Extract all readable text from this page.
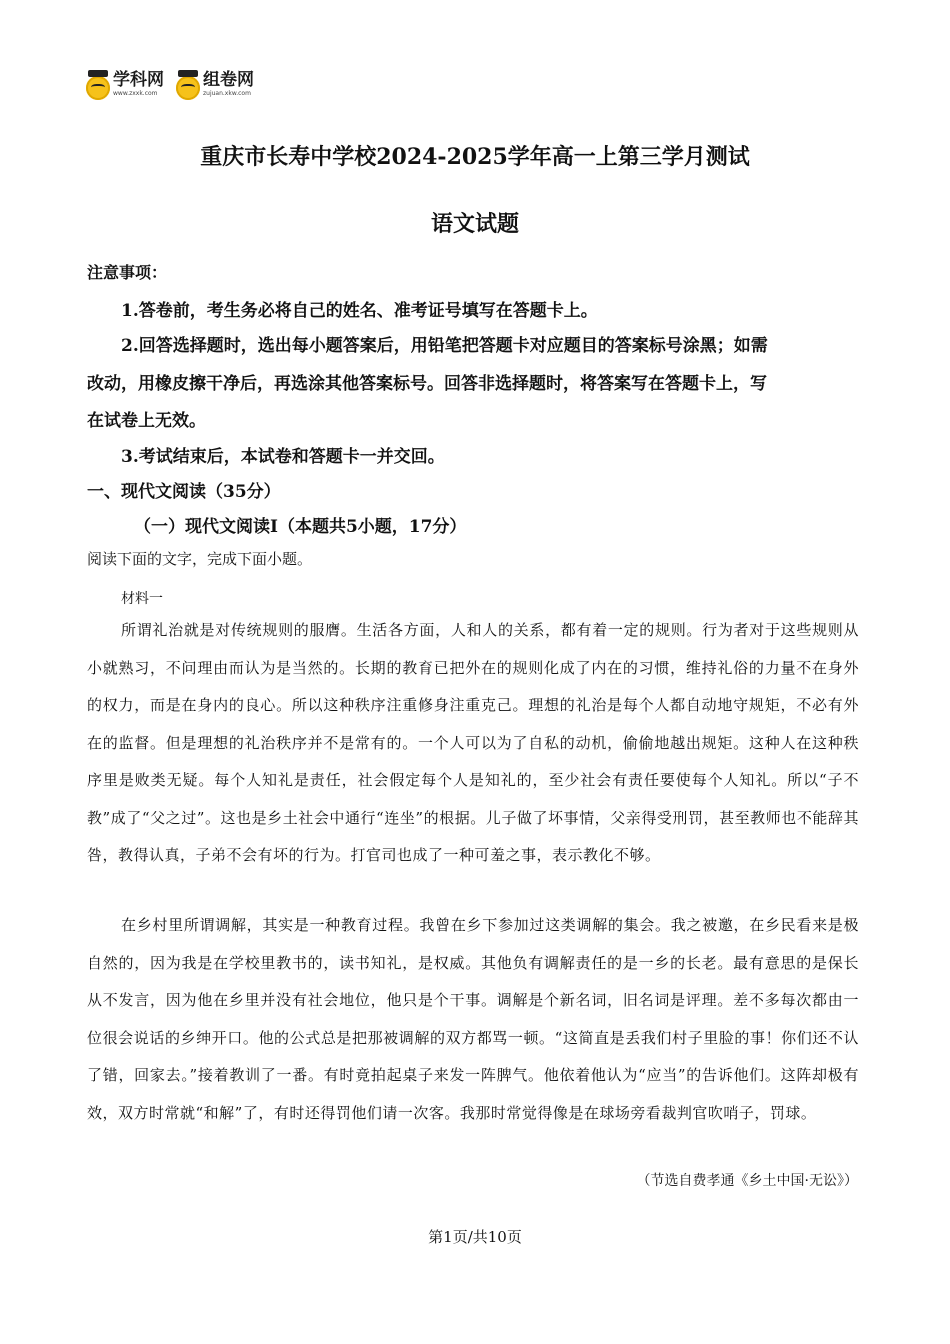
学科网
www.zxxk.com
组卷网
zujuan.xkw.com
重庆市长寿中学校2024-2025学年高一上第三学月测试
语文试题
注意事项：
1.答卷前，考生务必将自己的姓名、准考证号填写在答题卡上。
2.回答选择题时，选出每小题答案后，用铅笔把答题卡对应题目的答案标号涂黑；如需
改动，用橡皮擦干净后，再选涂其他答案标号。回答非选择题时，将答案写在答题卡上，写
在试卷上无效。
3.考试结束后，本试卷和答题卡一并交回。
一、现代文阅读（35分）
（一）现代文阅读I（本题共5小题，17分）
阅读下面的文字，完成下面小题。
材料一
所谓礼治就是对传统规则的服膺。生活各方面，人和人的关系，都有着一定的规则。行为者对于这些规则从小就熟习，不问理由而认为是当然的。长期的教育已把外在的规则化成了内在的习惯，维持礼俗的力量不在身外的权力，而是在身内的良心。所以这种秩序注重修身注重克己。理想的礼治是每个人都自动地守规矩，不必有外在的监督。但是理想的礼治秩序并不是常有的。一个人可以为了自私的动机，偷偷地越出规矩。这种人在这种秩序里是败类无疑。每个人知礼是责任，社会假定每个人是知礼的，至少社会有责任要使每个人知礼。所以“子不教”成了“父之过”。这也是乡土社会中通行“连坐”的根据。儿子做了坏事情，父亲得受刑罚，甚至教师也不能辞其咎，教得认真，子弟不会有坏的行为。打官司也成了一种可羞之事，表示教化不够。
在乡村里所谓调解，其实是一种教育过程。我曾在乡下参加过这类调解的集会。我之被邀，在乡民看来是极自然的，因为我是在学校里教书的，读书知礼，是权威。其他负有调解责任的是一乡的长老。最有意思的是保长从不发言，因为他在乡里并没有社会地位，他只是个干事。调解是个新名词，旧名词是评理。差不多每次都由一位很会说话的乡绅开口。他的公式总是把那被调解的双方都骂一顿。“这简直是丢我们村子里脸的事！你们还不认了错，回家去。”接着教训了一番。有时竟拍起桌子来发一阵脾气。他依着他认为“应当”的告诉他们。这阵却极有效，双方时常就“和解”了，有时还得罚他们请一次客。我那时常觉得像是在球场旁看裁判官吹哨子，罚球。
（节选自费孝通《乡土中国·无讼》）
第1页/共10页
